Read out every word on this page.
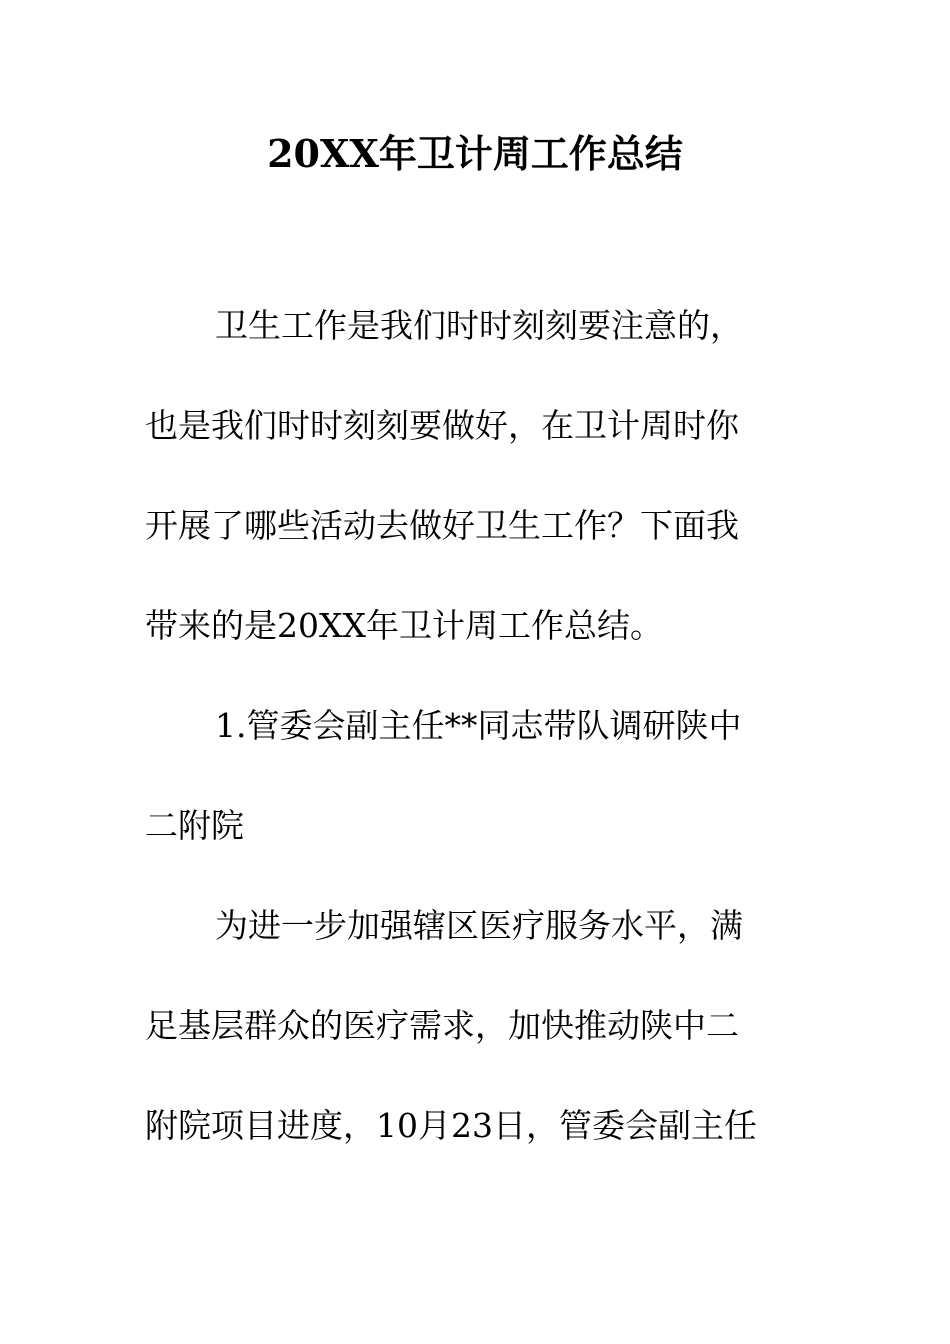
20XX年卫计周工作总结

卫生工作是我们时时刻刻要注意的，

也是我们时时刻刻要做好，在卫计周时你

开展了哪些活动去做好卫生工作？下面我

带来的是20XX年卫计周工作总结。

1.管委会副主任**同志带队调研陕中

二附院

为进一步加强辖区医疗服务水平，满

足基层群众的医疗需求，加快推动陕中二

附院项目进度，10月23日，管委会副主任
